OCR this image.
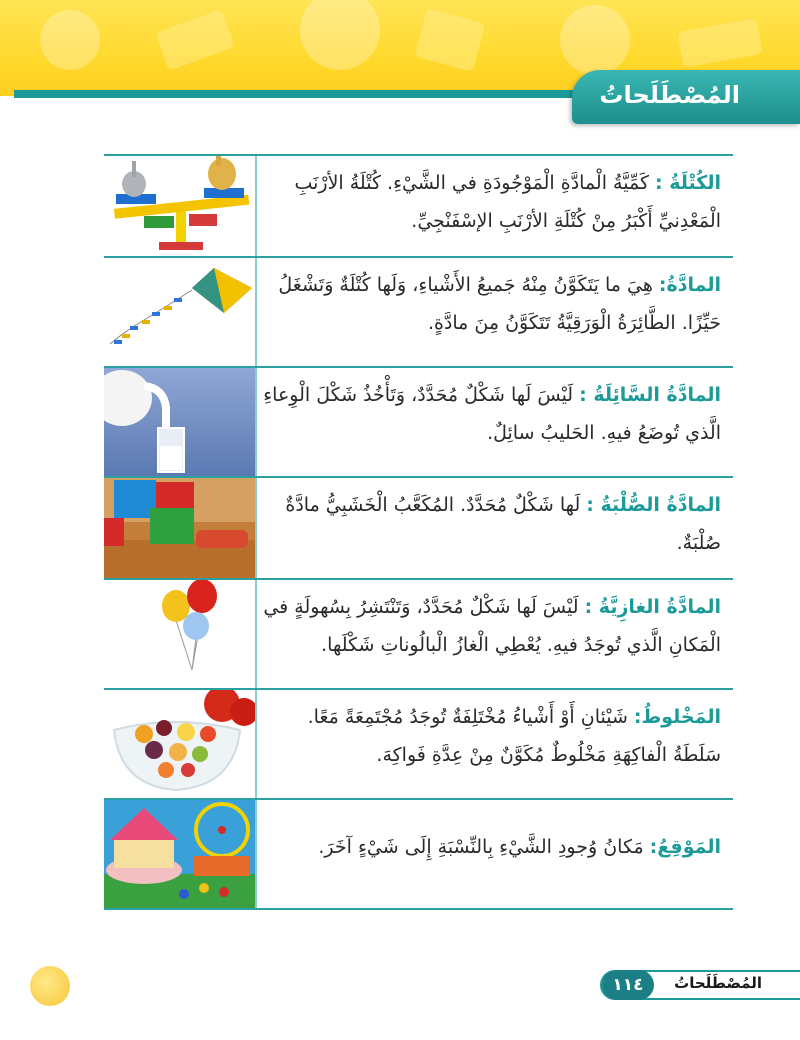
المُصْطَلَحاتُ
الكُتْلَةُ : كَمِّيَّةُ الْمادَّةِ الْمَوْجُودَةِ في الشَّيْءِ. كُتْلَةُ الأرْنَبِ الْمَعْدِنيِّ أَكْبَرُ مِنْ كُتْلَةِ الأرْنَبِ الإسْفَنْجِيِّ.
المادَّةُ: هِيَ ما يَتَكَوَّنُ مِنْهُ جَميعُ الأَشْياءِ، وَلَها كُتْلَةٌ وَتَشْغَلُ حَيِّزًا. الطَّائِرَةُ الْوَرَقِيَّةُ تَتَكَوَّنُ مِنَ مادَّةٍ.
المادَّةُ السَّائِلَةُ : لَيْسَ لَها شَكْلٌ مُحَدَّدٌ، وَتَأْخُذُ شَكْلَ الْوِعاءِ الَّذي تُوضَعُ فيهِ. الحَليبُ سائِلٌ.
المادَّةُ الصُّلْبَةُ : لَها شَكْلٌ مُحَدَّدٌ. المُكَعَّبُ الْخَشَبِيُّ مادَّةٌ صُلْبَةٌ.
المادَّةُ الغازِيَّةُ : لَيْسَ لَها شَكْلٌ مُحَدَّدٌ، وَتَنْتَشِرُ بِسُهولَةٍ في الْمَكانِ الَّذي تُوجَدُ فيهِ. يُعْطِي الْغازُ الْبالُوناتِ شَكْلَها.
المَخْلوطُ: شَيْئانِ أَوْ أَشْياءُ مُخْتَلِفَةٌ تُوجَدُ مُجْتَمِعَةً مَعًا. سَلَطَةُ الْفاكِهَةِ مَخْلُوطٌ مُكَوَّنٌ مِنْ عِدَّةِ فَواكِهَ.
المَوْقِعُ: مَكانُ وُجودِ الشَّيْءِ بِالنِّسْبَةِ إِلَى شَيْءٍ آخَرَ.
١١٤	المُصْطَلَحاتُ
